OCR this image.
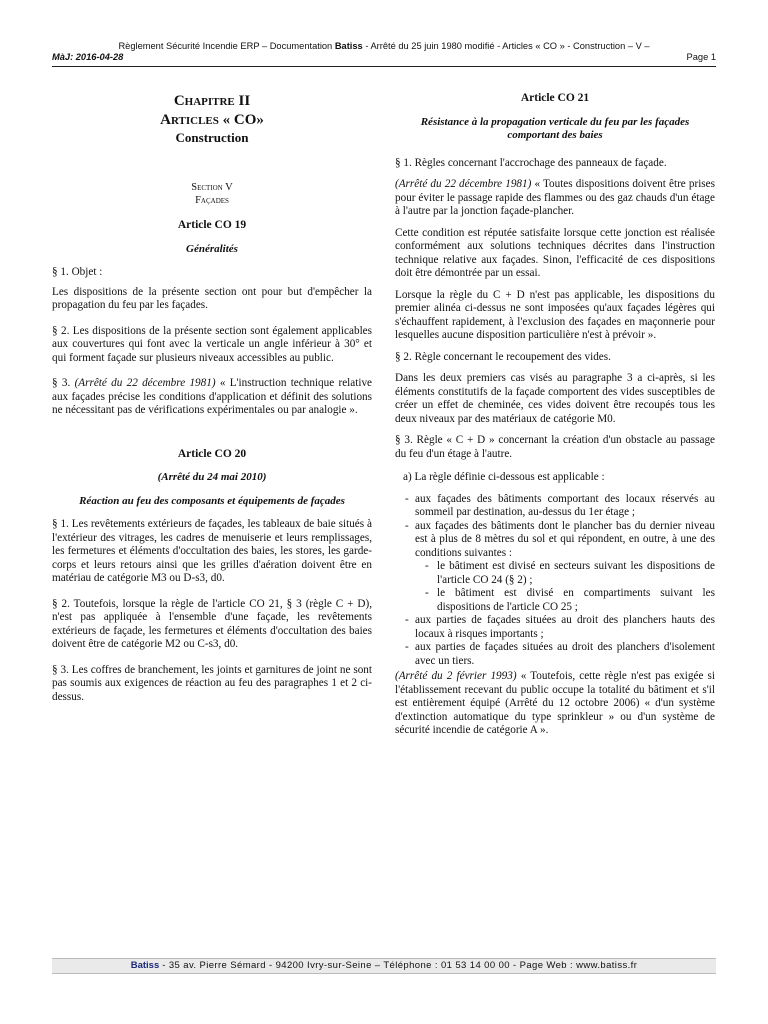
Règlement Sécurité Incendie ERP – Documentation Batiss - Arrêté du 25 juin 1980 modifié - Articles « CO » - Construction – V –
MàJ: 2016-04-28	Page 1
Chapitre II
Articles « CO»
Construction
Section V
Façades
Article CO 19
Généralités

§ 1. Objet :

Les dispositions de la présente section ont pour but d'empêcher la propagation du feu par les façades.

§ 2. Les dispositions de la présente section sont également applicables aux couvertures qui font avec la verticale un angle inférieur à 30° et qui forment façade sur plusieurs niveaux accessibles au public.

§ 3. (Arrêté du 22 décembre 1981) « L'instruction technique relative aux façades précise les conditions d'application et définit des solutions ne nécessitant pas de vérifications expérimentales ou par analogie ».

Article CO 20
(Arrêté du 24 mai 2010)
Réaction au feu des composants et équipements de façades

§ 1. Les revêtements extérieurs de façades, les tableaux de baie situés à l'extérieur des vitrages, les cadres de menuiserie et leurs remplissages, les fermetures et éléments d'occultation des baies, les stores, les garde-corps et leurs retours ainsi que les grilles d'aération doivent être en matériau de catégorie M3 ou D-s3, d0.

§ 2. Toutefois, lorsque la règle de l'article CO 21, § 3 (règle C + D), n'est pas appliquée à l'ensemble d'une façade, les revêtements extérieurs de façade, les fermetures et éléments d'occultation des baies doivent être de catégorie M2 ou C-s3, d0.

§ 3. Les coffres de branchement, les joints et garnitures de joint ne sont pas soumis aux exigences de réaction au feu des paragraphes 1 et 2 ci-dessus.

Article CO 21
Résistance à la propagation verticale du feu par les façades comportant des baies

§ 1. Règles concernant l'accrochage des panneaux de façade.

(Arrêté du 22 décembre 1981) « Toutes dispositions doivent être prises pour éviter le passage rapide des flammes ou des gaz chauds d'un étage à l'autre par la jonction façade-plancher.

Cette condition est réputée satisfaite lorsque cette jonction est réalisée conformément aux solutions techniques décrites dans l'instruction technique relative aux façades. Sinon, l'efficacité de ces dispositions doit être démontrée par un essai.

Lorsque la règle du C + D n'est pas applicable, les dispositions du premier alinéa ci-dessus ne sont imposées qu'aux façades légères qui s'échauffent rapidement, à l'exclusion des façades en maçonnerie pour lesquelles aucune disposition particulière n'est à prévoir ».

§ 2. Règle concernant le recoupement des vides.

Dans les deux premiers cas visés au paragraphe 3 a ci-après, si les éléments constitutifs de la façade comportent des vides susceptibles de créer un effet de cheminée, ces vides doivent être recoupés tous les deux niveaux par des matériaux de catégorie M0.

§ 3. Règle « C + D » concernant la création d'un obstacle au passage du feu d'un étage à l'autre.

a) La règle définie ci-dessous est applicable :

- aux façades des bâtiments comportant des locaux réservés au sommeil par destination, au-dessus du 1er étage ;
- aux façades des bâtiments dont le plancher bas du dernier niveau est à plus de 8 mètres du sol et qui répondent, en outre, à une des conditions suivantes :
- le bâtiment est divisé en secteurs suivant les dispositions de l'article CO 24 (§ 2) ;
- le bâtiment est divisé en compartiments suivant les dispositions de l'article CO 25 ;
- aux parties de façades situées au droit des planchers hauts des locaux à risques importants ;
- aux parties de façades situées au droit des planchers d'isolement avec un tiers.

(Arrêté du 2 février 1993) « Toutefois, cette règle n'est pas exigée si l'établissement recevant du public occupe la totalité du bâtiment et s'il est entièrement équipé (Arrêté du 12 octobre 2006) « d'un système d'extinction automatique du type sprinkleur » ou d'un système de sécurité incendie de catégorie A ».

Batiss - 35 av. Pierre Sémard - 94200 Ivry-sur-Seine – Téléphone : 01 53 14 00 00 - Page Web : www.batiss.fr
